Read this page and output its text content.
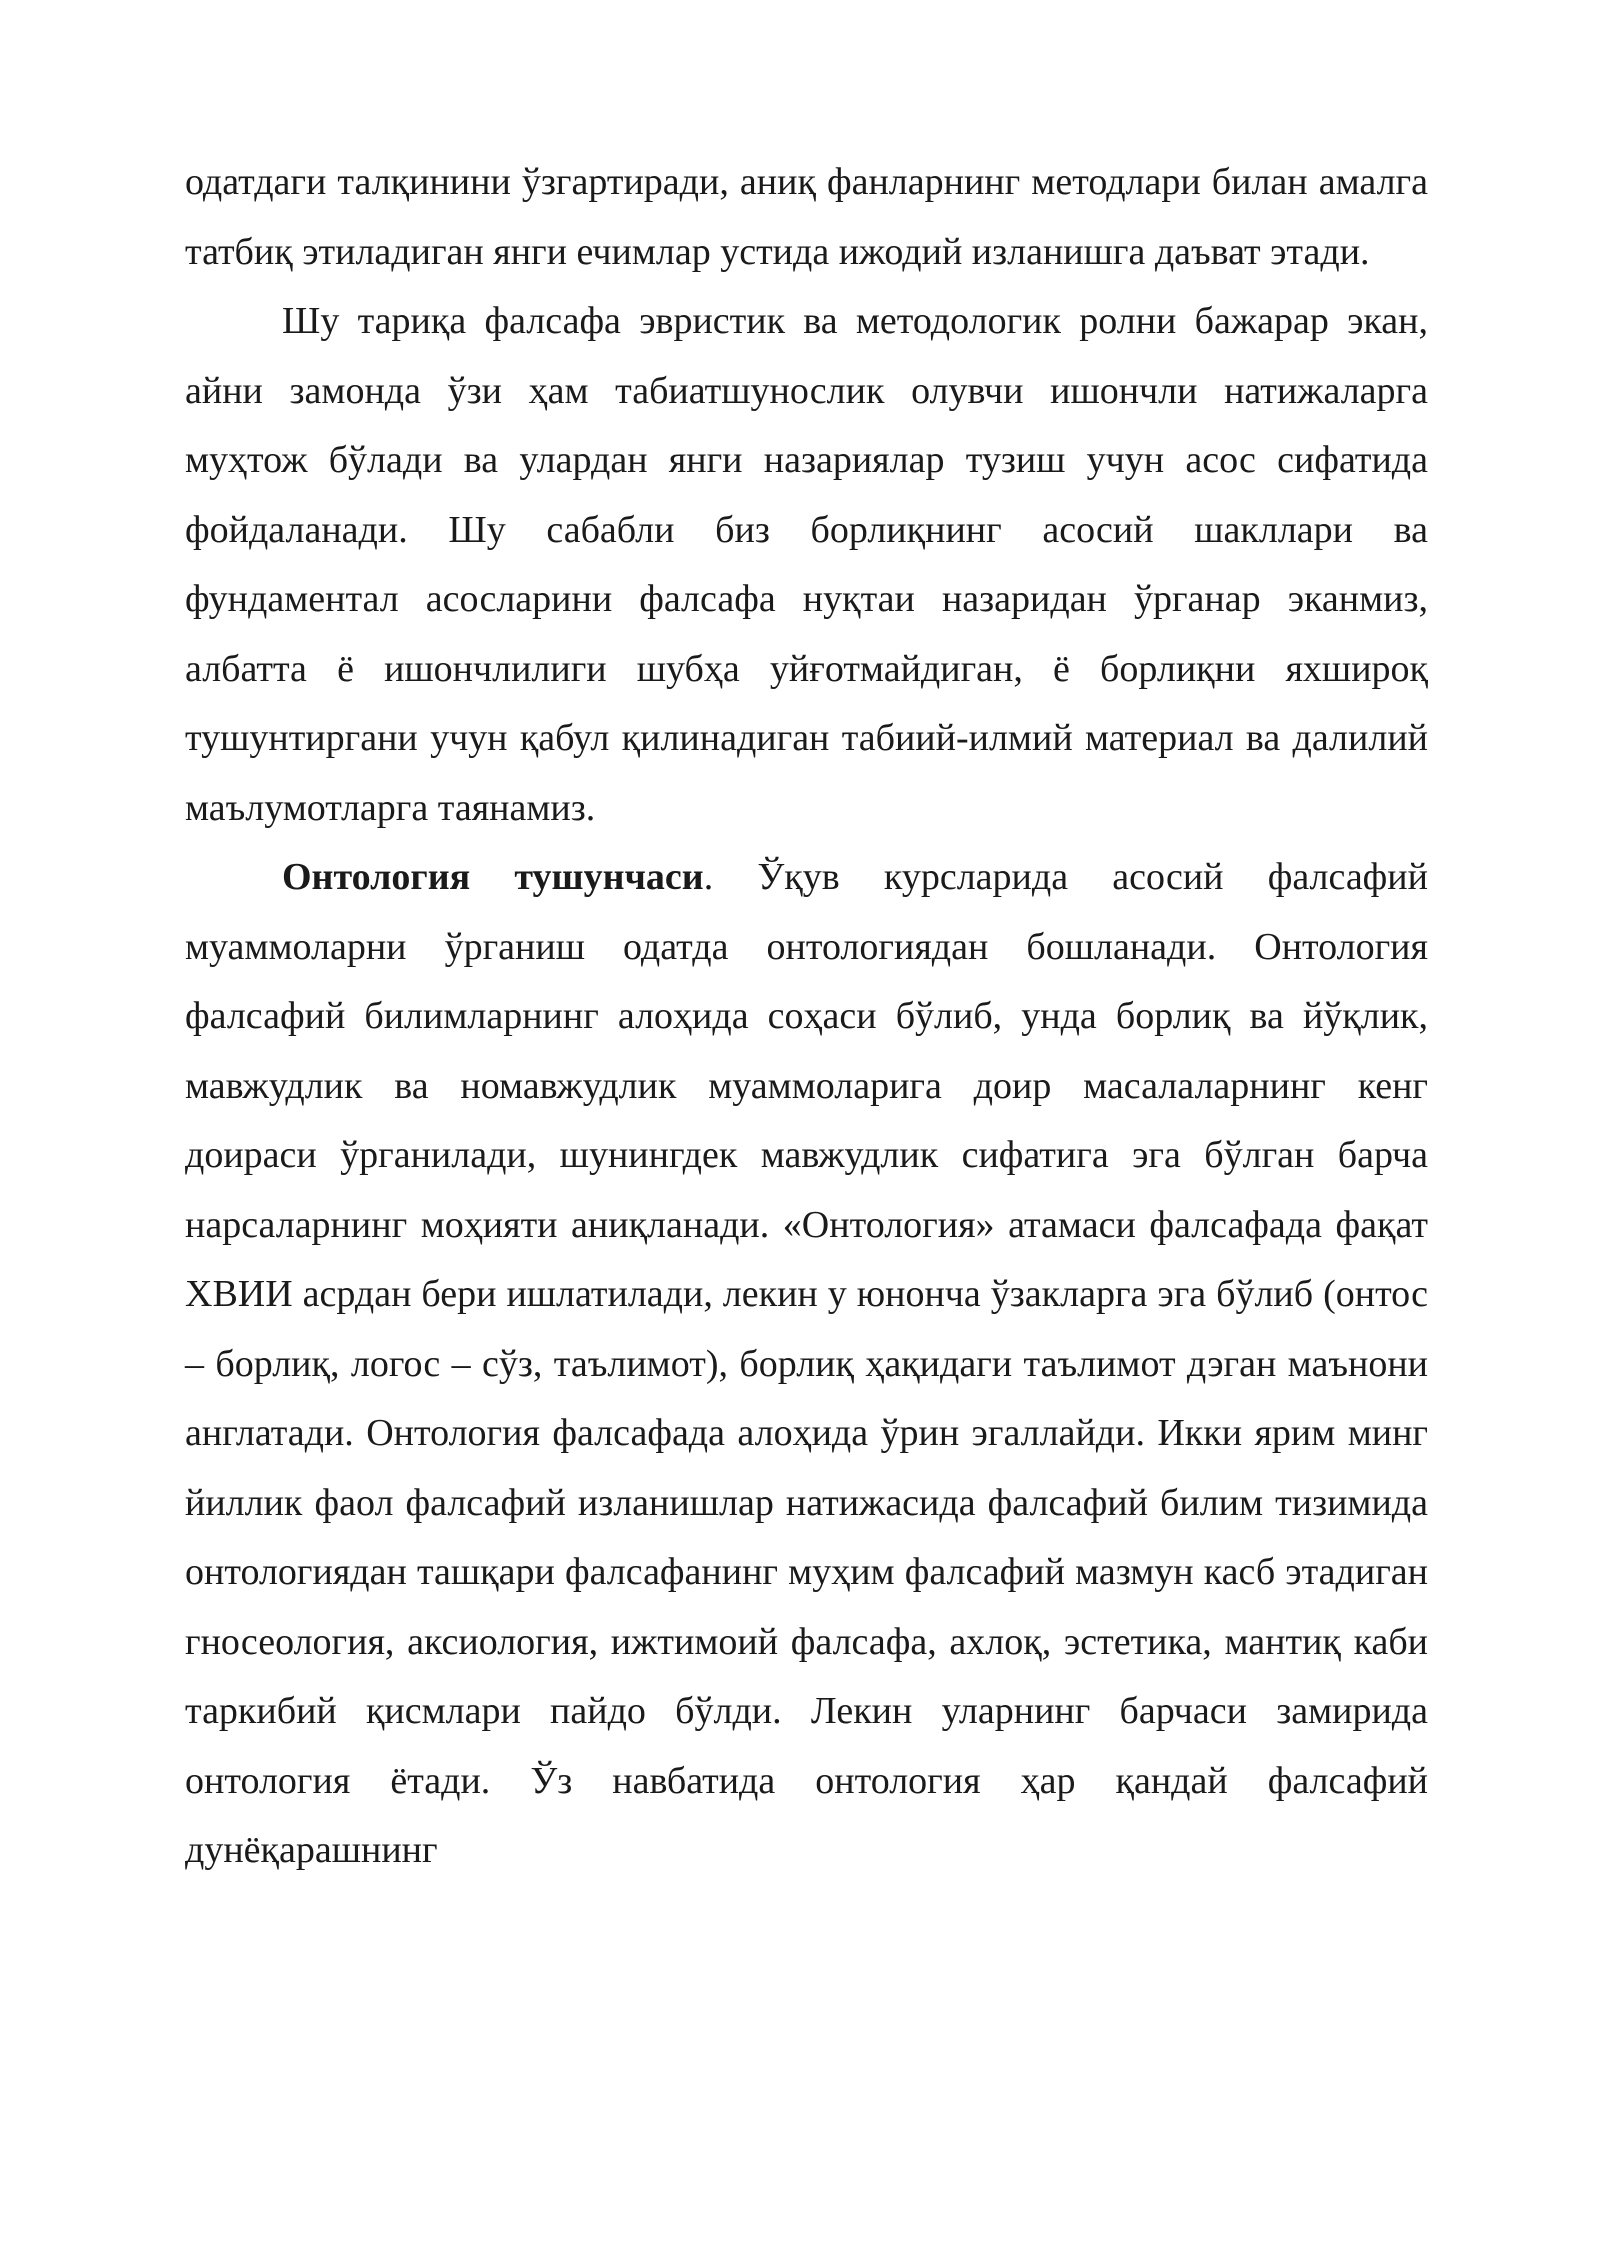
одатдаги талқинини ўзгартиради, аниқ фанларнинг методлари билан амалга татбиқ этиладиган янги ечимлар устида ижодий изланишга даъват этади.

Шу тариқа фалсафа эвристик ва методологик ролни бажарар экан, айни замонда ўзи ҳам табиатшунослик олувчи ишончли натижаларга муҳтож бўлади ва улардан янги назариялар тузиш учун асос сифатида фойдаланади. Шу сабабли биз борлиқнинг асосий шакллари ва фундаментал асосларини фалсафа нуқтаи назаридан ўрганар эканмиз, албатта ё ишончлилиги шубҳа уйғотмайдиган, ё борлиқни яхшироқ тушунтиргани учун қабул қилинадиган табиий-илмий материал ва далилий маълумотларга таянамиз.

Онтология тушунчаси. Ўқув курсларида асосий фалсафий муаммоларни ўрганиш одатда онтологиядан бошланади. Онтология фалсафий билимларнинг алоҳида соҳаси бўлиб, унда борлиқ ва йўқлик, мавжудлик ва номавжудлик муаммоларига доир масалаларнинг кенг доираси ўрганилади, шунингдек мавжудлик сифатига эга бўлган барча нарсаларнинг моҳияти аниқланади. «Онтология» атамаси фалсафада фақат ХВИИ асрдан бери ишлатилади, лекин у юнонча ўзакларга эга бўлиб (онтос – борлиқ, логос – сўз, таълимот), борлиқ ҳақидаги таълимот дэган маънони англатади. Онтология фалсафада алоҳида ўрин эгаллайди. Икки ярим минг йиллик фаол фалсафий изланишлар натижасида фалсафий билим тизимида онтологиядан ташқари фалсафанинг муҳим фалсафий мазмун касб этадиган гносеология, аксиология, ижтимоий фалсафа, ахлоқ, эстетика, мантиқ каби таркибий қисмлари пайдо бўлди. Лекин уларнинг барчаси замирида онтология ётади. Ўз навбатида онтология ҳар қандай фалсафий дунёқарашнинг
